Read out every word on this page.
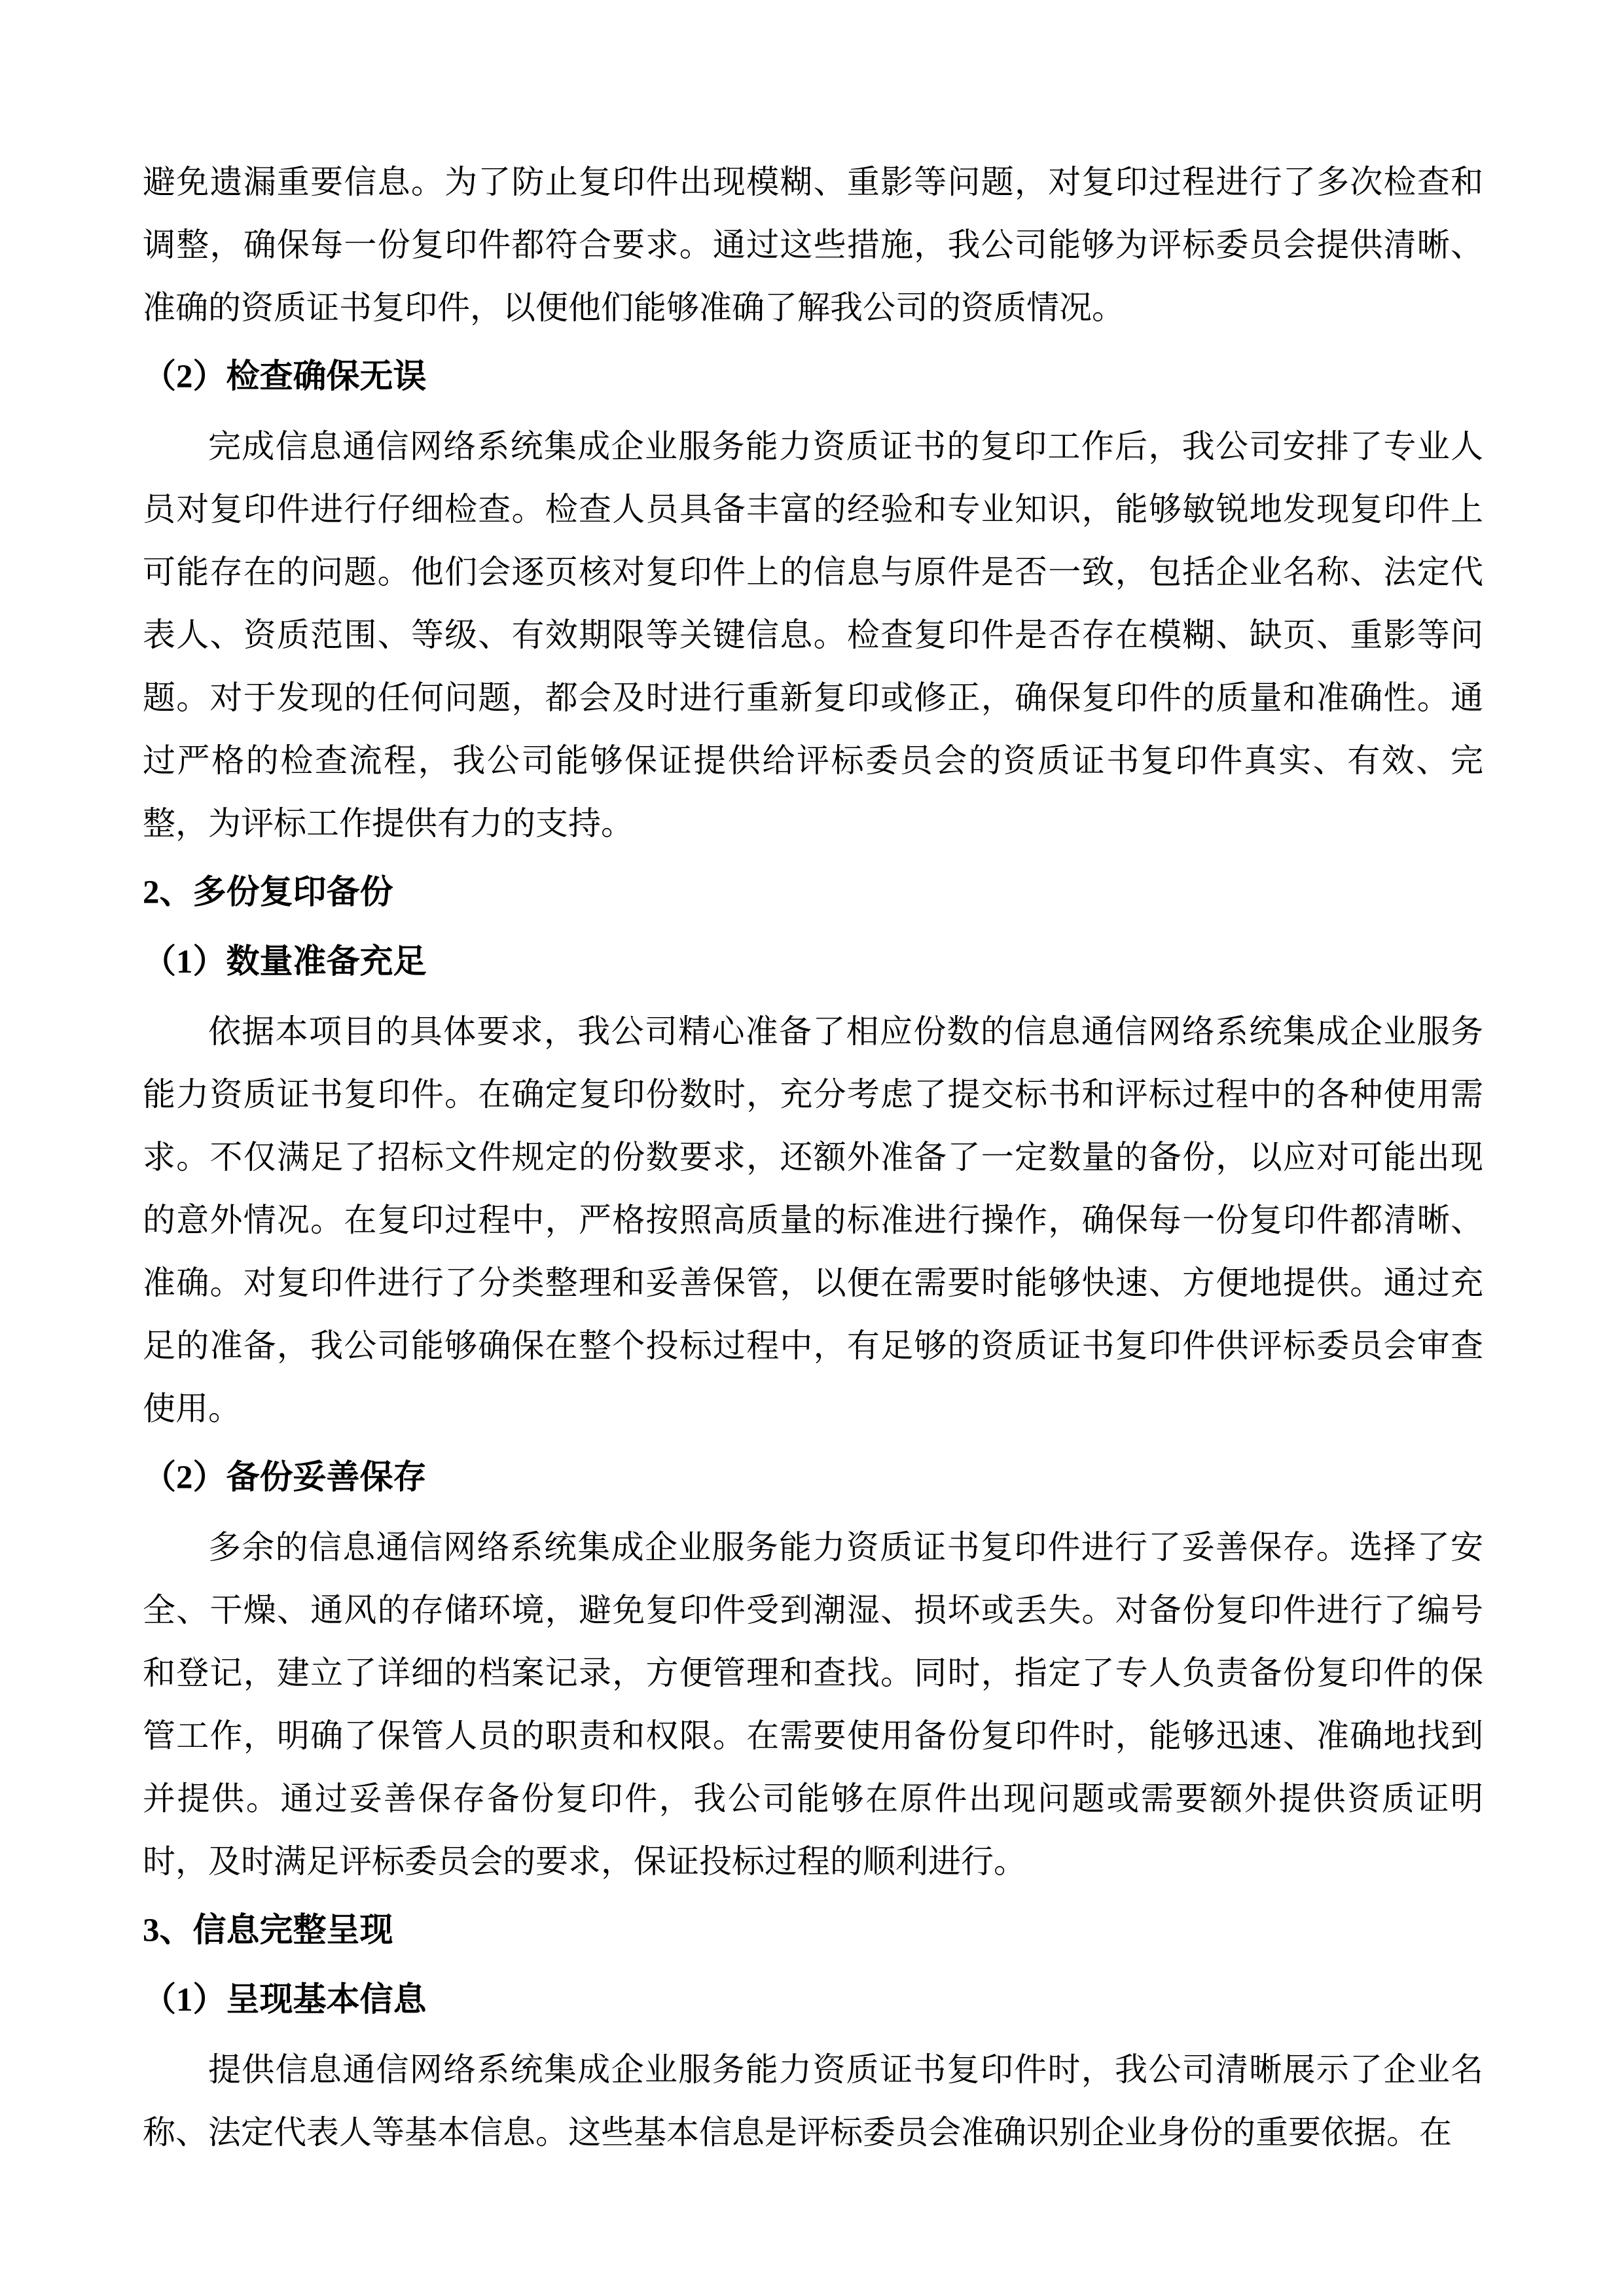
避免遗漏重要信息。为了防止复印件出现模糊、重影等问题，对复印过程进行了多次检查和调整，确保每一份复印件都符合要求。通过这些措施，我公司能够为评标委员会提供清晰、准确的资质证书复印件，以便他们能够准确了解我公司的资质情况。

（2）检查确保无误

完成信息通信网络系统集成企业服务能力资质证书的复印工作后，我公司安排了专业人员对复印件进行仔细检查。检查人员具备丰富的经验和专业知识，能够敏锐地发现复印件上可能存在的问题。他们会逐页核对复印件上的信息与原件是否一致，包括企业名称、法定代表人、资质范围、等级、有效期限等关键信息。检查复印件是否存在模糊、缺页、重影等问题。对于发现的任何问题，都会及时进行重新复印或修正，确保复印件的质量和准确性。通过严格的检查流程，我公司能够保证提供给评标委员会的资质证书复印件真实、有效、完整，为评标工作提供有力的支持。

2、多份复印备份
（1）数量准备充足

依据本项目的具体要求，我公司精心准备了相应份数的信息通信网络系统集成企业服务能力资质证书复印件。在确定复印份数时，充分考虑了提交标书和评标过程中的各种使用需求。不仅满足了招标文件规定的份数要求，还额外准备了一定数量的备份，以应对可能出现的意外情况。在复印过程中，严格按照高质量的标准进行操作，确保每一份复印件都清晰、准确。对复印件进行了分类整理和妥善保管，以便在需要时能够快速、方便地提供。通过充足的准备，我公司能够确保在整个投标过程中，有足够的资质证书复印件供评标委员会审查使用。

（2）备份妥善保存

多余的信息通信网络系统集成企业服务能力资质证书复印件进行了妥善保存。选择了安全、干燥、通风的存储环境，避免复印件受到潮湿、损坏或丢失。对备份复印件进行了编号和登记，建立了详细的档案记录，方便管理和查找。同时，指定了专人负责备份复印件的保管工作，明确了保管人员的职责和权限。在需要使用备份复印件时，能够迅速、准确地找到并提供。通过妥善保存备份复印件，我公司能够在原件出现问题或需要额外提供资质证明时，及时满足评标委员会的要求，保证投标过程的顺利进行。

3、信息完整呈现
（1）呈现基本信息

提供信息通信网络系统集成企业服务能力资质证书复印件时，我公司清晰展示了企业名称、法定代表人等基本信息。这些基本信息是评标委员会准确识别企业身份的重要依据。在
